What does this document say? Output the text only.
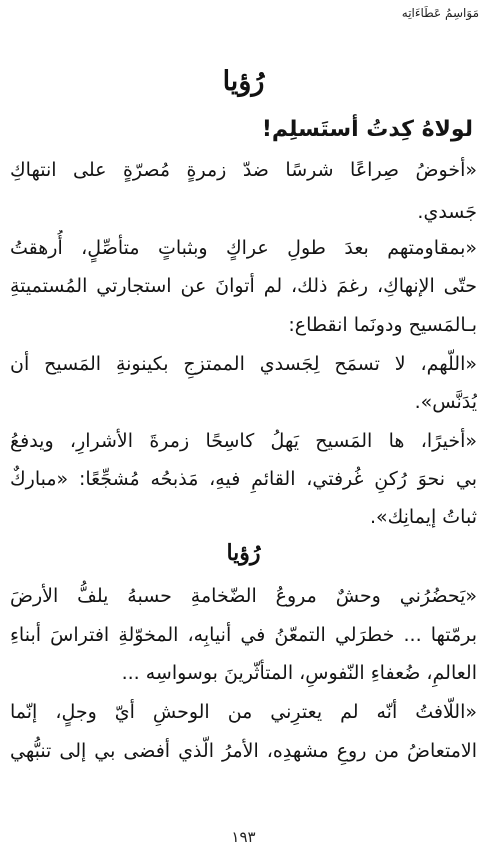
مَوَاسِمُ عَطَاءَاتِه
رُؤيا
لولاهُ كِدتُ أستَسلِم!
«أخوضُ صِراعًا شرسًا ضدّ زمرةٍ مُصرّةٍ على انتهاكِ
جَسدي.
«بمقاومتهم بعدَ طولِ عراكٍ وبثباتٍ متأصِّلٍ، أُرهقتُ
حتّى الإنهاكِ، رغمَ ذلك، لم أتوانَ عن استجارتي المُستميتةِ
بـالمَسيح ودونَما انقطاع:
«اللّهم، لا تسمَح لِجَسدي الممتزجِ بكينونةِ المَسيح أن
يُدَنَّس».
«أخيرًا، ها المَسيح يَهلُ كاسِحًا زمرةَ الأشرارِ، ويدفعُ
بي نحوَ رُكنِ غُرفتي، القائمِ فيهِ، مَذبحُه مُشجِّعًا: «مباركٌ
ثباتُ إيمانِك».
رُؤيا
«يَحضُرُني وحشٌ مروعُ الضّخامةِ حسبهُ يلفُّ الأرضَ
برمّتها ... خطرَلي التمعّنُ في أنيابِه، المخوّلةِ افتراسَ أبناءِ
العالمِ، ضُعفاءِ النّفوسِ، المتأثّرينَ بوسواسِه ...
«اللّافتُ أنّه لم يعترِني من الوحشِ أيّ وجلٍ، إنّما
الامتعاضُ من روعِ مشهدِه، الأمرُ الّذي أفضى بي إلى تنبُّهي
١٩٣
